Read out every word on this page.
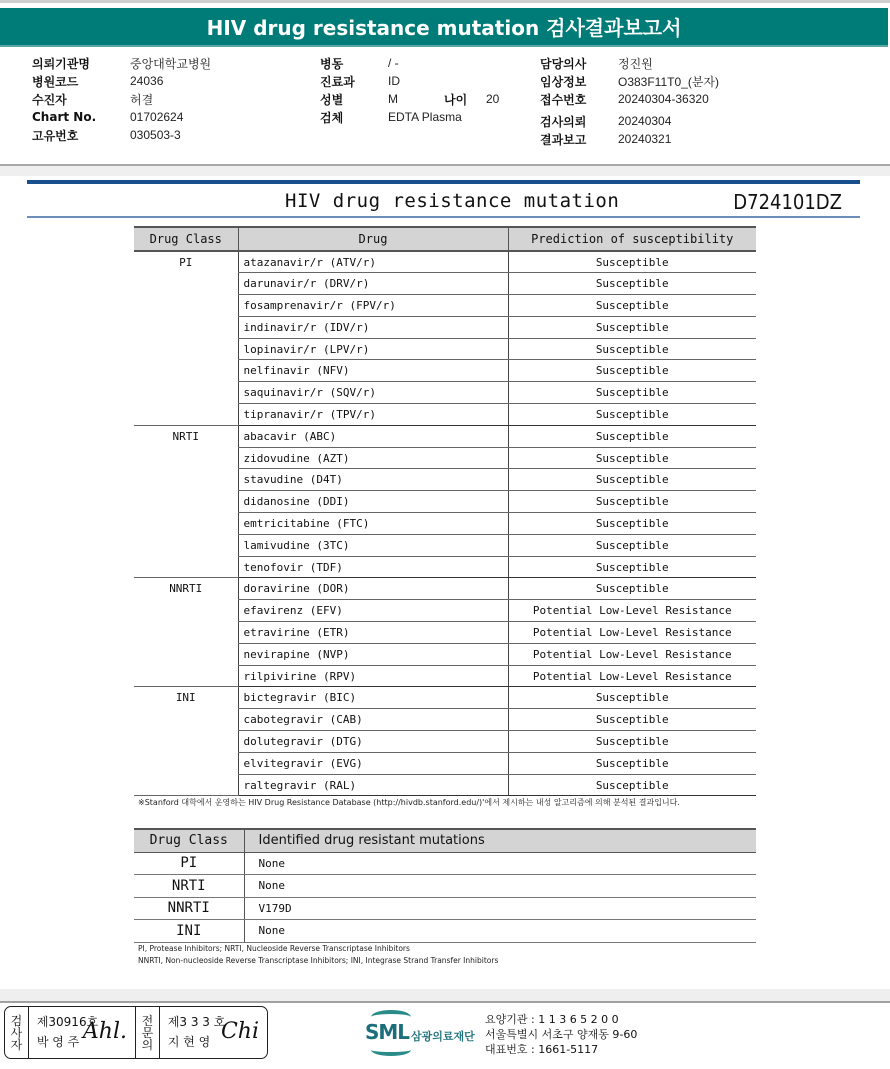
HIV drug resistance mutation 검사결과보고서
의뢰기관명	중앙대학교병원
병원코드	24036
수진자	허결
Chart No.	01702624
고유번호	030503-3
병동	/ -
진료과	ID
성별	M	나이	20
검체	EDTA Plasma
담당의사	정진원
임상정보	O383F11T0_(분자)
접수번호	20240304-36320
검사의뢰	20240304
결과보고	20240321
HIV drug resistance mutation	D724101DZ
Drug Class	Drug	Prediction of susceptibility
PI	atazanavir/r (ATV/r)	Susceptible
	darunavir/r (DRV/r)	Susceptible
	fosamprenavir/r (FPV/r)	Susceptible
	indinavir/r (IDV/r)	Susceptible
	lopinavir/r (LPV/r)	Susceptible
	nelfinavir (NFV)	Susceptible
	saquinavir/r (SQV/r)	Susceptible
	tipranavir/r (TPV/r)	Susceptible
NRTI	abacavir (ABC)	Susceptible
	zidovudine (AZT)	Susceptible
	stavudine (D4T)	Susceptible
	didanosine (DDI)	Susceptible
	emtricitabine (FTC)	Susceptible
	lamivudine (3TC)	Susceptible
	tenofovir (TDF)	Susceptible
NNRTI	doravirine (DOR)	Susceptible
	efavirenz (EFV)	Potential Low-Level Resistance
	etravirine (ETR)	Potential Low-Level Resistance
	nevirapine (NVP)	Potential Low-Level Resistance
	rilpivirine (RPV)	Potential Low-Level Resistance
INI	bictegravir (BIC)	Susceptible
	cabotegravir (CAB)	Susceptible
	dolutegravir (DTG)	Susceptible
	elvitegravir (EVG)	Susceptible
	raltegravir (RAL)	Susceptible
※Stanford 대학에서 운영하는 HIV Drug Resistance Database (http://hivdb.stanford.edu/)'에서 제시하는 내성 알고리즘에 의해 분석된 결과입니다.
Drug Class	Identified drug resistant mutations
PI	None
NRTI	None
NNRTI	V179D
INI	None
PI, Protease Inhibitors; NRTI, Nucleoside Reverse Transcriptase Inhibitors
NNRTI, Non-nucleoside Reverse Transcriptase Inhibitors; INI, Integrase Strand Transfer Inhibitors
검
사
자
제30916호
박 영 주 Ahl. 전
문
의
제3 3 3 호
지 현 영 Chi	SML 삼광의료재단
요양기관 : 1 1 3 6 5 2 0 0
서울특별시 서초구 양재동 9-60
대표번호 : 1661-5117
